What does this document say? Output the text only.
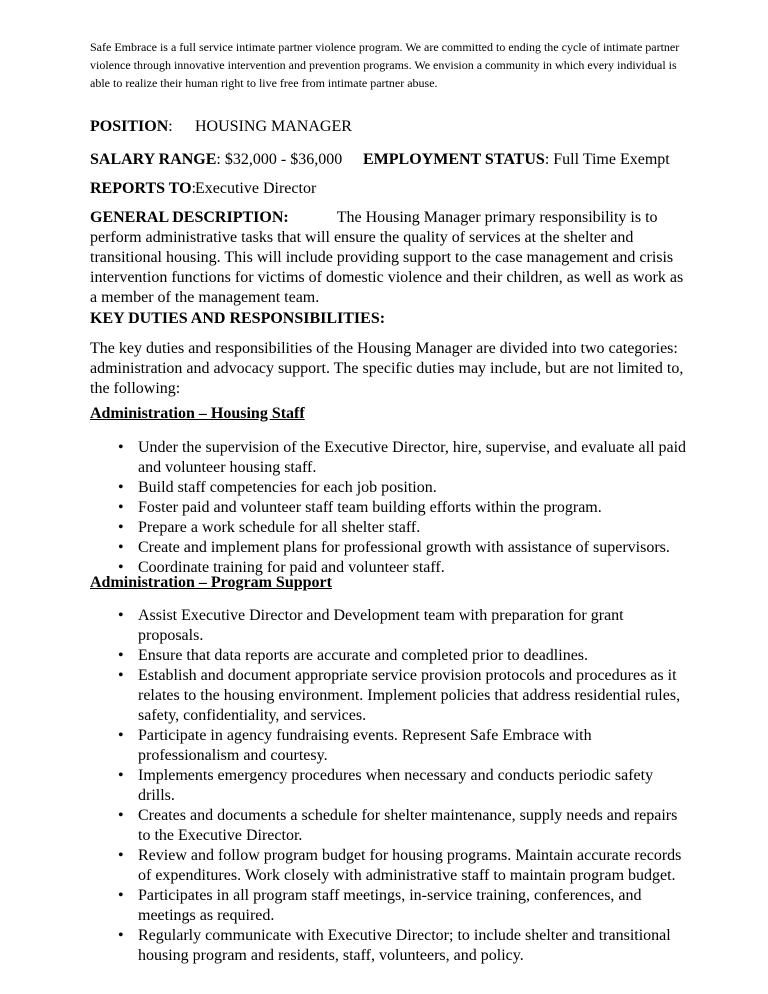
Safe Embrace is a full service intimate partner violence program. We are committed to ending the cycle of intimate partner violence through innovative intervention and prevention programs. We envision a community in which every individual is able to realize their human right to live free from intimate partner abuse.
POSITION: HOUSING MANAGER
SALARY RANGE: $32,000 - $36,000 EMPLOYMENT STATUS: Full Time Exempt
REPORTS TO: Executive Director
GENERAL DESCRIPTION:	The Housing Manager primary responsibility is to perform administrative tasks that will ensure the quality of services at the shelter and transitional housing. This will include providing support to the case management and crisis intervention functions for victims of domestic violence and their children, as well as work as a member of the management team.
KEY DUTIES AND RESPONSIBILITIES:
The key duties and responsibilities of the Housing Manager are divided into two categories: administration and advocacy support. The specific duties may include, but are not limited to, the following:
Administration – Housing Staff
• Under the supervision of the Executive Director, hire, supervise, and evaluate all paid and volunteer housing staff.
• Build staff competencies for each job position.
• Foster paid and volunteer staff team building efforts within the program.
• Prepare a work schedule for all shelter staff.
• Create and implement plans for professional growth with assistance of supervisors.
• Coordinate training for paid and volunteer staff.
Administration – Program Support
• Assist Executive Director and Development team with preparation for grant proposals.
• Ensure that data reports are accurate and completed prior to deadlines.
• Establish and document appropriate service provision protocols and procedures as it relates to the housing environment. Implement policies that address residential rules, safety, confidentiality, and services.
• Participate in agency fundraising events. Represent Safe Embrace with professionalism and courtesy.
• Implements emergency procedures when necessary and conducts periodic safety drills.
• Creates and documents a schedule for shelter maintenance, supply needs and repairs to the Executive Director.
• Review and follow program budget for housing programs. Maintain accurate records of expenditures. Work closely with administrative staff to maintain program budget.
• Participates in all program staff meetings, in-service training, conferences, and meetings as required.
• Regularly communicate with Executive Director; to include shelter and transitional housing program and residents, staff, volunteers, and policy.
